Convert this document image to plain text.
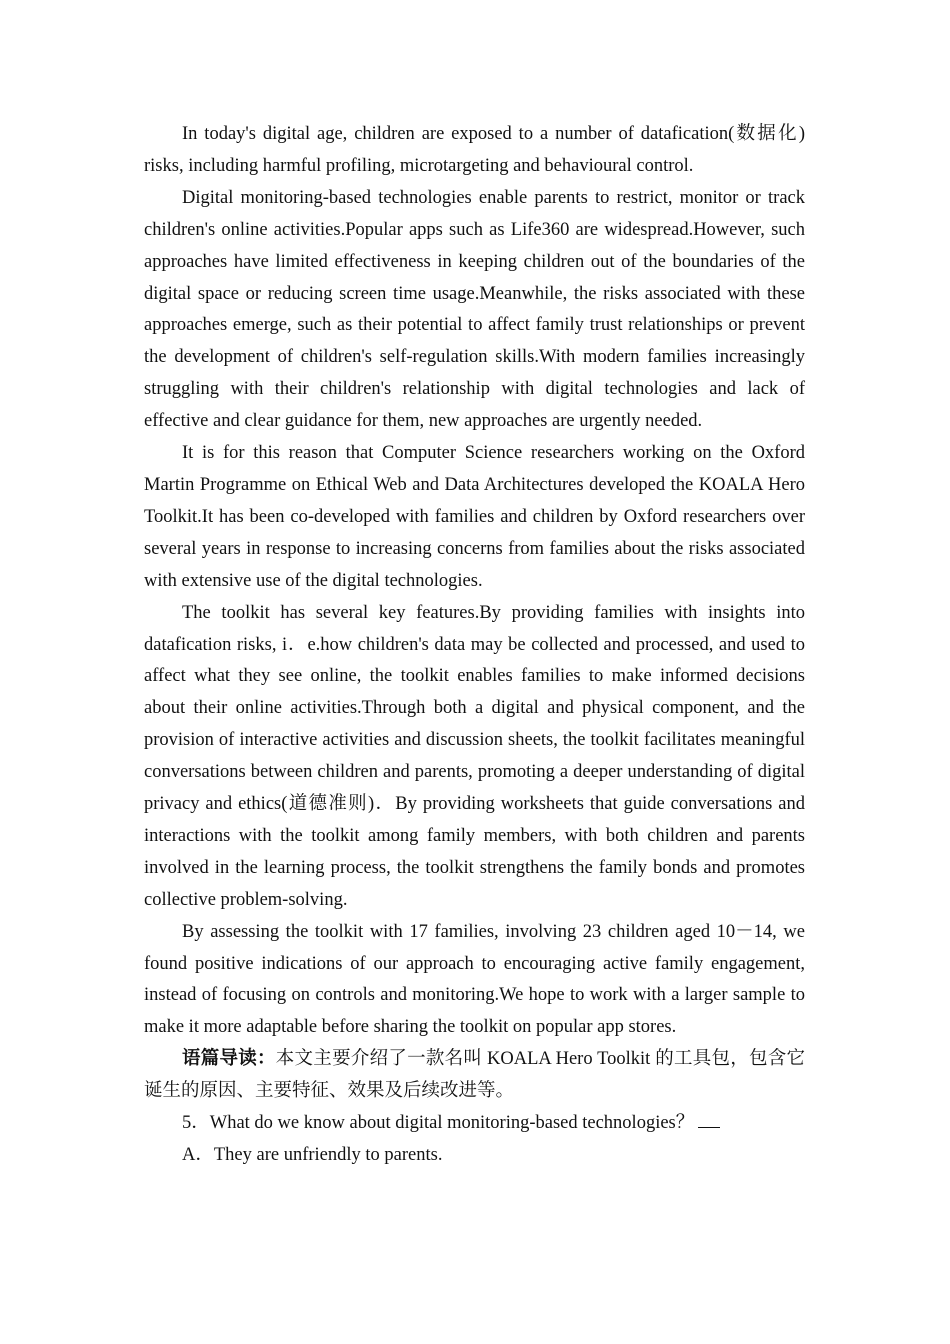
In today's digital age, children are exposed to a number of datafication(数据化) risks, including harmful profiling, microtargeting and behavioural control.

Digital monitoring-based technologies enable parents to restrict, monitor or track children's online activities.Popular apps such as Life360 are widespread.However, such approaches have limited effectiveness in keeping children out of the boundaries of the digital space or reducing screen time usage.Meanwhile, the risks associated with these approaches emerge, such as their potential to affect family trust relationships or prevent the development of children's self-regulation skills.With modern families increasingly struggling with their children's relationship with digital technologies and lack of effective and clear guidance for them, new approaches are urgently needed.

It is for this reason that Computer Science researchers working on the Oxford Martin Programme on Ethical Web and Data Architectures developed the KOALA Hero Toolkit.It has been co-developed with families and children by Oxford researchers over several years in response to increasing concerns from families about the risks associated with extensive use of the digital technologies.

The toolkit has several key features.By providing families with insights into datafication risks, i．e.how children's data may be collected and processed, and used to affect what they see online, the toolkit enables families to make informed decisions about their online activities.Through both a digital and physical component, and the provision of interactive activities and discussion sheets, the toolkit facilitates meaningful conversations between children and parents, promoting a deeper understanding of digital privacy and ethics(道德准则)．By providing worksheets that guide conversations and interactions with the toolkit among family members, with both children and parents involved in the learning process, the toolkit strengthens the family bonds and promotes collective problem-solving.

By assessing the toolkit with 17 families, involving 23 children aged 10－14, we found positive indications of our approach to encouraging active family engagement, instead of focusing on controls and monitoring.We hope to work with a larger sample to make it more adaptable before sharing the toolkit on popular app stores.

语篇导读：本文主要介绍了一款名叫 KOALA Hero Toolkit 的工具包，包含它诞生的原因、主要特征、效果及后续改进等。

5．What do we know about digital monitoring-based technologies？

A．They are unfriendly to parents.
